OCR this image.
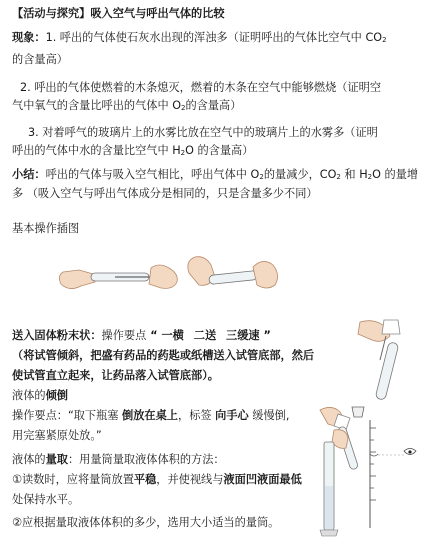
【活动与探究】吸入空气与呼出气体的比较
现象：1. 呼出的气体使石灰水出现的浑浊多（证明呼出的气体比空气中 $CO_2$
的含量高）
2. 呼出的气体使燃着的木条熄灭，燃着的木条在空气中能够燃烧（证明空
气中氧气的含量比呼出的气体中 $O_2$的含量高）
3. 对着呼气的玻璃片上的水雾比放在空气中的玻璃片上的水雾多（证明
呼出的气体中水的含量比空气中 $H_2O$ 的含量高）
小结：呼出的气体与吸入空气相比，呼出气体中 $O_2$的量减少，$CO_2$ 和 $H_2O$ 的量增
多 （吸入空气与呼出气体成分是相同的，只是含量多少不同）
基本操作插图
送入固体粉末状：操作要点 “ 一横 二送 三缓速 ”
（将试管倾斜，把盛有药品的药匙或纸槽送入试管底部，然后
使试管直立起来，让药品落入试管底部）。
液体的倾倒
操作要点：“取下瓶塞 倒放在桌上，标签 向手心 缓慢倒,
用完塞紧原处放。”
液体的量取：用量筒量取液体体积的方法：
①读数时，应将量筒放置平稳，并使视线与液面凹液面最低
处保持水平。
②应根据量取液体体积的多少，选用大小适当的量筒。
